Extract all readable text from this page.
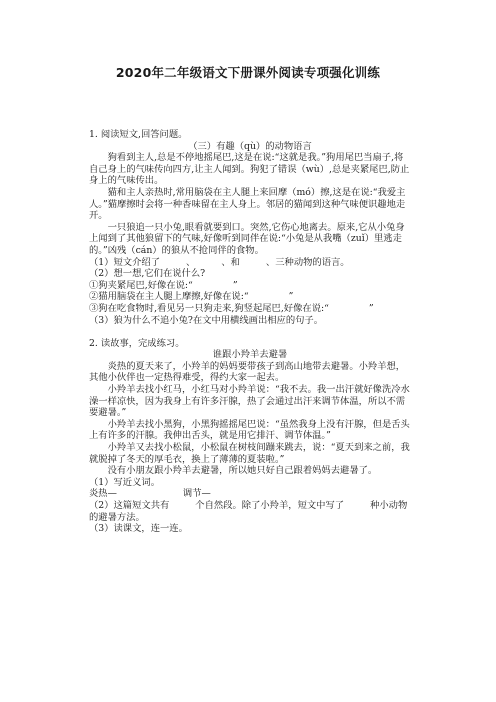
2020年二年级语文下册课外阅读专项强化训练

1. 阅读短文,回答问题。

（三）有趣（qù）的动物语言

狗看到主人,总是不停地摇尾巴,这是在说:“这就是我。”狗用尾巴当扇子,将自己身上的气味传向四方,让主人闻到。狗犯了错误（wù）,总是夹紧尾巴,防止身上的气味传出。

猫和主人亲热时,常用脑袋在主人腿上来回摩（mó）擦,这是在说:“我爱主人。”猫摩擦时会将一种香味留在主人身上。邻居的猫闻到这种气味便识趣地走开。

一只狼追一只小兔,眼看就要到口。突然,它伤心地离去。原来,它从小兔身上闻到了其他狼留下的气味,好像听到同伴在说:“小兔是从我嘴（zuǐ）里逃走的。”凶残（cán）的狼从不抢同伴的食物。

（1）短文介绍了	、	、和	、三种动物的语言。

（2）想一想,它们在说什么?

①狗夹紧尾巴,好像在说:“	”

②猫用脑袋在主人腿上摩擦,好像在说:“	”

③狗在吃食物时,看见另一只狗走来,狗竖起尾巴,好像在说:“	”

（3）狼为什么不追小兔?在文中用横线画出相应的句子。

2. 读故事，完成练习。

谁跟小羚羊去避暑

炎热的夏天来了，小羚羊的妈妈要带孩子到高山地带去避暑。小羚羊想，其他小伙伴也一定热得难受，得约大家一起去。

小羚羊去找小红马，小红马对小羚羊说：“我不去。我一出汗就好像洗冷水澡一样凉快，因为我身上有许多汗腺，热了会通过出汗来调节体温，所以不需要避暑。”

小羚羊去找小黑狗，小黑狗摇摇尾巴说：“虽然我身上没有汗腺，但是舌头上有许多的汗腺。我伸出舌头，就是用它排汗、调节体温。”

小羚羊又去找小松鼠，小松鼠在树枝间蹦来跳去，说：“夏天到来之前，我就脱掉了冬天的厚毛衣，换上了薄薄的夏装啦。”

没有小朋友跟小羚羊去避暑，所以她只好自己跟着妈妈去避暑了。

（1）写近义词。

炎热—	调节—

（2）这篇短文共有	个自然段。除了小羚羊，短文中写了	种小动物的避暑方法。

（3）读课文，连一连。
